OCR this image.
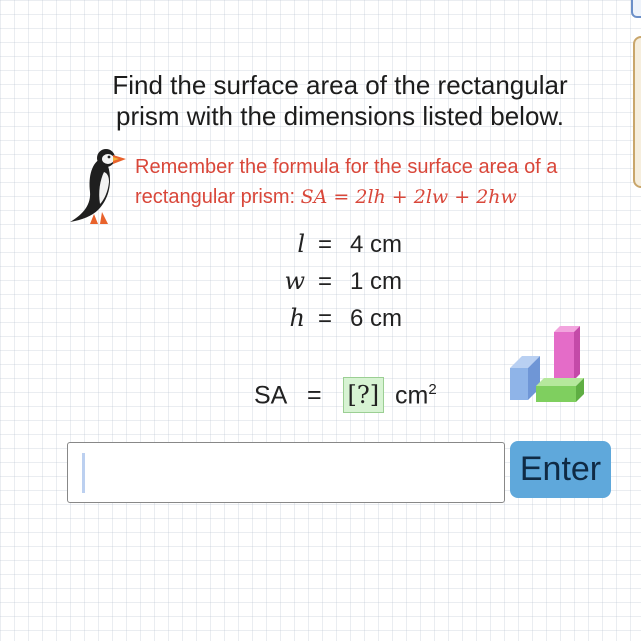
Find the surface area of the rectangular
prism with the dimensions listed below.
Remember the formula for the surface area of a
rectangular prism: SA = 2lh + 2lw + 2hw
l = 4 cm
w = 1 cm
h = 6 cm
SA = [?] $cm^2$
Enter
